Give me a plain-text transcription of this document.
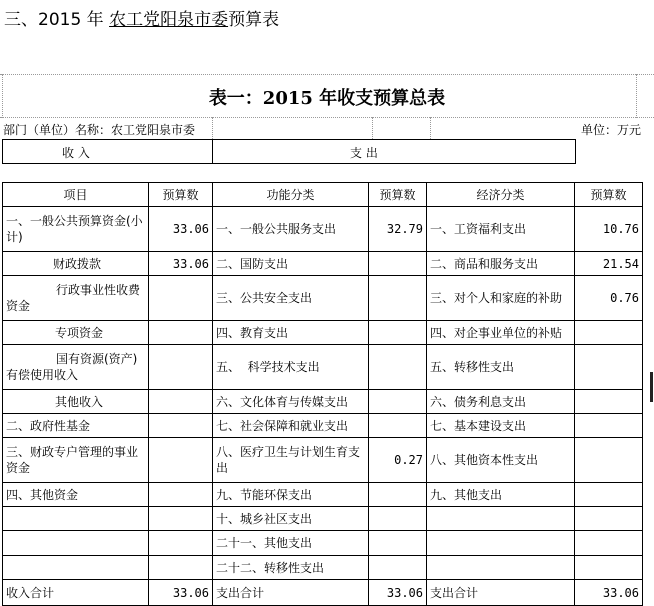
三、2015 年 农工党阳泉市委预算表
表一：2015 年收支预算总表
部门（单位）名称： 农工党阳泉市委	单位：万元
收 入	支 出
项目	预算数	功能分类	预算数	经济分类	预算数
一、一般公共预算资金(小计)	33.06	一、一般公共服务支出	32.79	一、工资福利支出	10.76
财政拨款	33.06	二、国防支出		二、商品和服务支出	21.54
行政事业性收费资金		三、公共安全支出		三、对个人和家庭的补助	0.76
专项资金		四、教育支出		四、对企事业单位的补贴	
国有资源(资产)有偿使用收入		五、  科学技术支出		五、转移性支出	
其他收入		六、文化体育与传媒支出		六、债务利息支出	
二、政府性基金		七、社会保障和就业支出		七、基本建设支出	
三、财政专户管理的事业资金		八、医疗卫生与计划生育支出	0.27	八、其他资本性支出	
四、其他资金		九、节能环保支出		九、其他支出	
		十、城乡社区支出			
		二十一、其他支出			
		二十二、转移性支出			
收入合计	33.06	支出合计	33.06	支出合计	33.06
